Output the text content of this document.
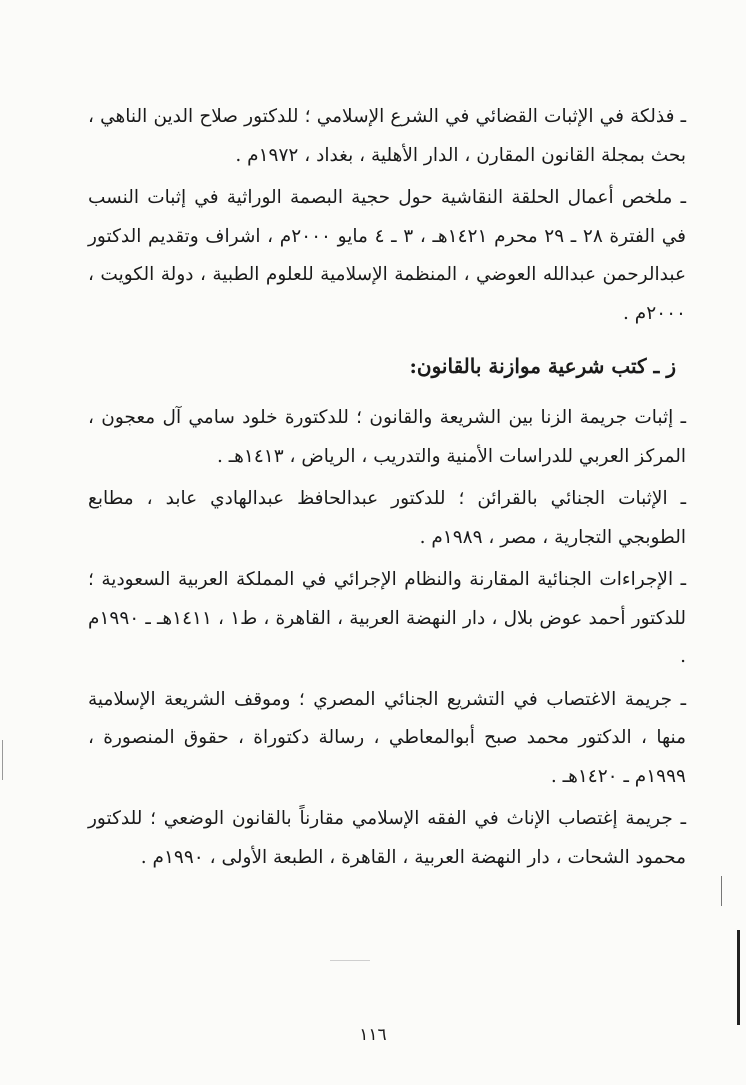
ـ فذلكة في الإثبات القضائي في الشرع الإسلامي ؛ للدكتور صلاح الدين الناهي ، بحث بمجلة القانون المقارن ، الدار الأهلية ، بغداد ، ١٩٧٢م .

ـ ملخص أعمال الحلقة النقاشية حول حجية البصمة الوراثية في إثبات النسب في الفترة ٢٨ ـ ٢٩ محرم ١٤٢١هـ ، ٣ ـ ٤ مايو ٢٠٠٠م ، اشراف وتقديم الدكتور عبدالرحمن عبدالله العوضي ، المنظمة الإسلامية للعلوم الطبية ، دولة الكويت ، ٢٠٠٠م .

ز ـ كتب شرعية موازنة بالقانون:

ـ إثبات جريمة الزنا بين الشريعة والقانون ؛ للدكتورة خلود سامي آل معجون ، المركز العربي للدراسات الأمنية والتدريب ، الرياض ، ١٤١٣هـ .

ـ الإثبات الجنائي بالقرائن ؛ للدكتور عبدالحافظ عبدالهادي عابد ، مطابع الطوبجي التجارية ، مصر ، ١٩٨٩م .

ـ الإجراءات الجنائية المقارنة والنظام الإجرائي في المملكة العربية السعودية ؛ للدكتور أحمد عوض بلال ، دار النهضة العربية ، القاهرة ، ط١ ، ١٤١١هـ ـ ١٩٩٠م .

ـ جريمة الاغتصاب في التشريع الجنائي المصري ؛ وموقف الشريعة الإسلامية منها ، الدكتور محمد صبح أبوالمعاطي ، رسالة دكتوراة ، حقوق المنصورة ، ١٩٩٩م ـ ١٤٢٠هـ .

ـ جريمة إغتصاب الإناث في الفقه الإسلامي مقارناً بالقانون الوضعي ؛ للدكتور محمود الشحات ، دار النهضة العربية ، القاهرة ، الطبعة الأولى ، ١٩٩٠م .

١١٦
